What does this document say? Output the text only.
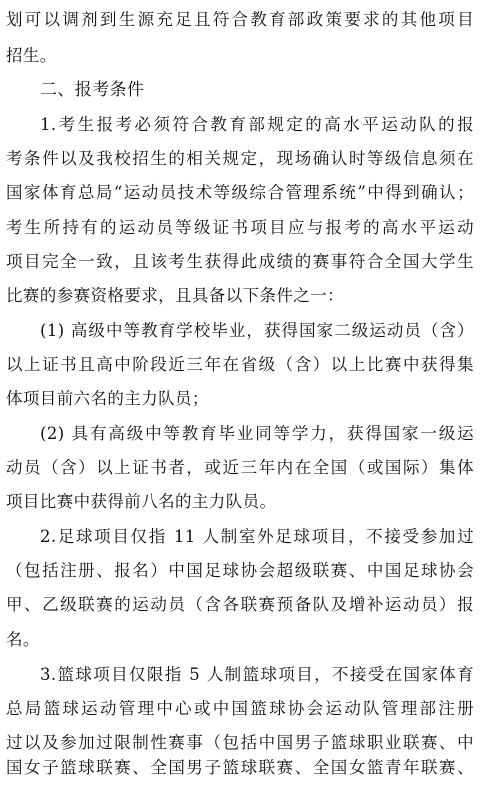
划可以调剂到生源充足且符合教育部政策要求的其他项目
招生。
二、报考条件
1.考生报考必须符合教育部规定的高水平运动队的报
考条件以及我校招生的相关规定，现场确认时等级信息须在
国家体育总局“运动员技术等级综合管理系统”中得到确认；
考生所持有的运动员等级证书项目应与报考的高水平运动
项目完全一致，且该考生获得此成绩的赛事符合全国大学生
比赛的参赛资格要求，且具备以下条件之一：
(1) 高级中等教育学校毕业，获得国家二级运动员（含）
以上证书且高中阶段近三年在省级（含）以上比赛中获得集
体项目前六名的主力队员；
(2) 具有高级中等教育毕业同等学力，获得国家一级运
动员（含）以上证书者，或近三年内在全国（或国际）集体
项目比赛中获得前八名的主力队员。
2.足球项目仅指 11 人制室外足球项目，不接受参加过
（包括注册、报名）中国足球协会超级联赛、中国足球协会
甲、乙级联赛的运动员（含各联赛预备队及增补运动员）报
名。
3.篮球项目仅限指 5 人制篮球项目，不接受在国家体育
总局篮球运动管理中心或中国篮球协会运动队管理部注册
过以及参加过限制性赛事（包括中国男子篮球职业联赛、中
国女子篮球联赛、全国男子篮球联赛、全国女篮青年联赛、
